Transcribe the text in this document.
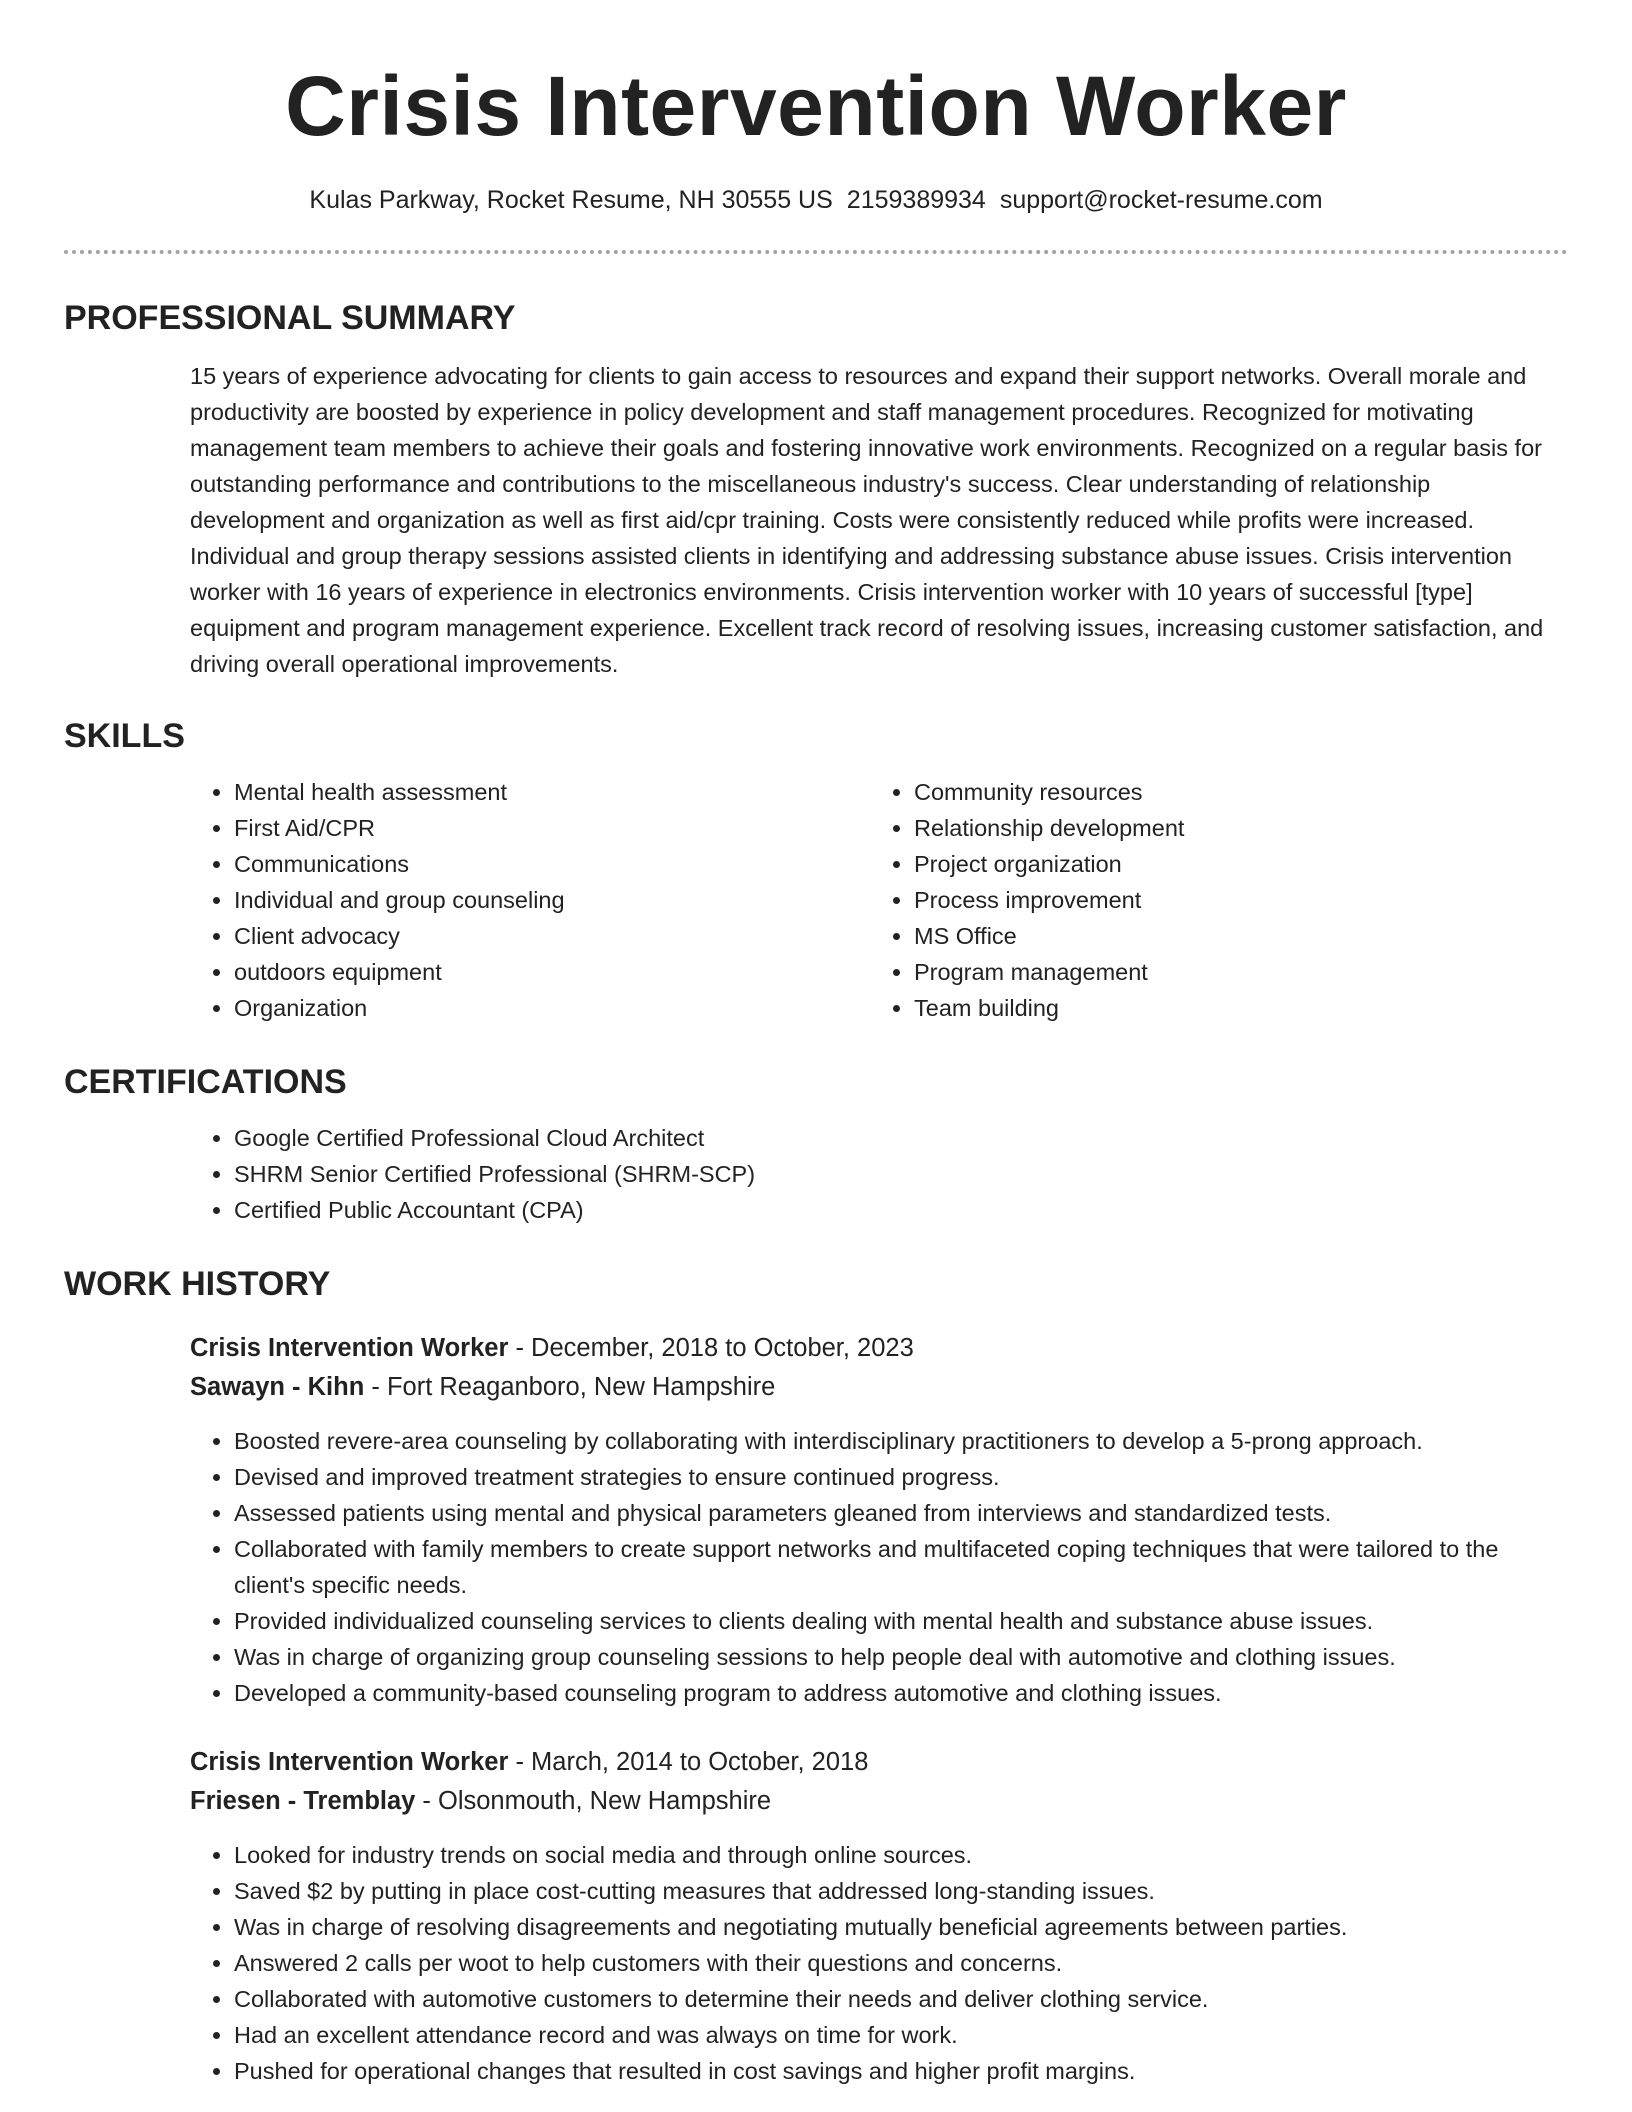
Crisis Intervention Worker
Kulas Parkway, Rocket Resume, NH 30555 US 2159389934 support@rocket-resume.com
PROFESSIONAL SUMMARY

15 years of experience advocating for clients to gain access to resources and expand their support networks. Overall morale and productivity are boosted by experience in policy development and staff management procedures. Recognized for motivating management team members to achieve their goals and fostering innovative work environments. Recognized on a regular basis for outstanding performance and contributions to the miscellaneous industry's success. Clear understanding of relationship development and organization as well as first aid/cpr training. Costs were consistently reduced while profits were increased. Individual and group therapy sessions assisted clients in identifying and addressing substance abuse issues. Crisis intervention worker with 16 years of experience in electronics environments. Crisis intervention worker with 10 years of successful [type] equipment and program management experience. Excellent track record of resolving issues, increasing customer satisfaction, and driving overall operational improvements.

SKILLS
• Mental health assessment
• First Aid/CPR
• Communications
• Individual and group counseling
• Client advocacy
• outdoors equipment
• Organization
• Community resources
• Relationship development
• Project organization
• Process improvement
• MS Office
• Program management
• Team building
CERTIFICATIONS
• Google Certified Professional Cloud Architect
• SHRM Senior Certified Professional (SHRM-SCP)
• Certified Public Accountant (CPA)
WORK HISTORY
Crisis Intervention Worker - December, 2018 to October, 2023
Sawayn - Kihn - Fort Reaganboro, New Hampshire
• Boosted revere-area counseling by collaborating with interdisciplinary practitioners to develop a 5-prong approach.
• Devised and improved treatment strategies to ensure continued progress.
• Assessed patients using mental and physical parameters gleaned from interviews and standardized tests.
• Collaborated with family members to create support networks and multifaceted coping techniques that were tailored to the client's specific needs.
• Provided individualized counseling services to clients dealing with mental health and substance abuse issues.
• Was in charge of organizing group counseling sessions to help people deal with automotive and clothing issues.
• Developed a community-based counseling program to address automotive and clothing issues.
Crisis Intervention Worker - March, 2014 to October, 2018
Friesen - Tremblay - Olsonmouth, New Hampshire
• Looked for industry trends on social media and through online sources.
• Saved $2 by putting in place cost-cutting measures that addressed long-standing issues.
• Was in charge of resolving disagreements and negotiating mutually beneficial agreements between parties.
• Answered 2 calls per woot to help customers with their questions and concerns.
• Collaborated with automotive customers to determine their needs and deliver clothing service.
• Had an excellent attendance record and was always on time for work.
• Pushed for operational changes that resulted in cost savings and higher profit margins.
